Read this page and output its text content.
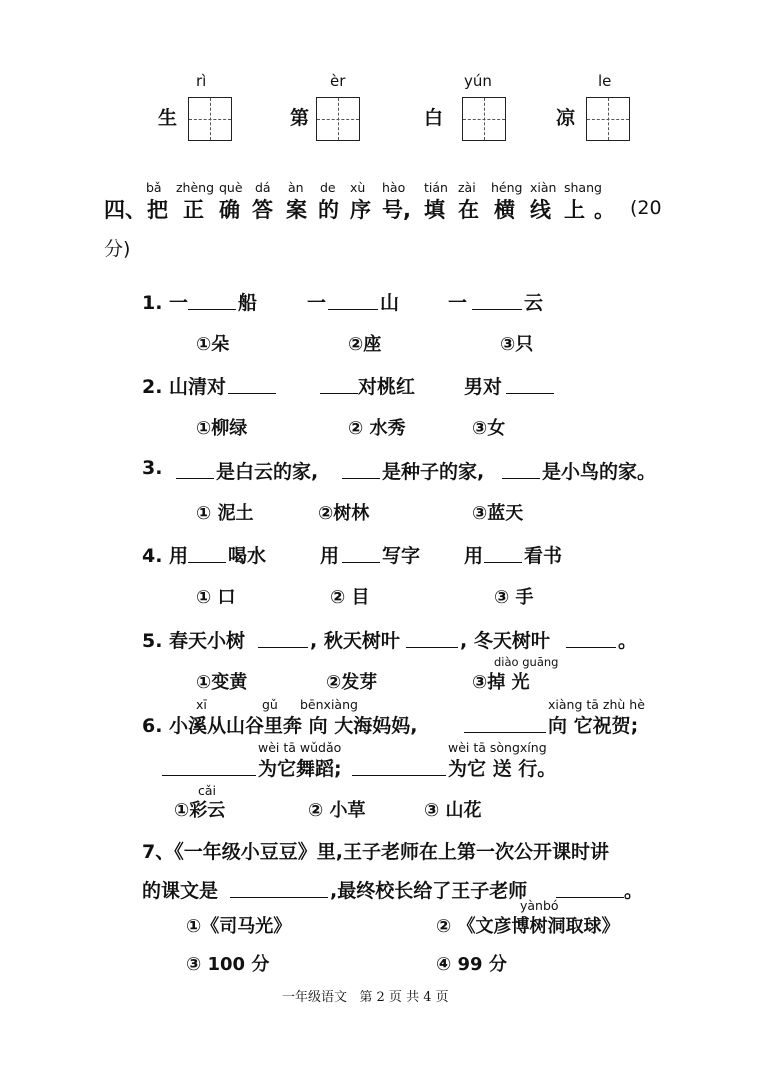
rì
生
èr
第
yún
白
le
凉
bǎ zhèng què dá àn de xù hào tián zài héng xiàn shang
四、 把 正 确 答 案 的 序 号, 填 在 横 线 上 。 (20
分)
1. 一	船	一	山	一	云
①朵	②座	③只
2. 山清对	对桃红	男对
①柳绿	② 水秀	③女
3.	是白云的家,	是种子的家,	是小鸟的家。
① 泥土	②树林	③蓝天
4. 用 喝水	用 写字 用 看书
① 口	② 目	③ 手
5. 春天小树	, 秋天树叶	, 冬天树叶	。
diào guāng
①变黄	②发芽	③掉 光
xī	gǔ bēnxiàng	xiàng tā zhù hè
6. 小溪从山谷里奔 向 大海妈妈,	向 它祝贺;
wèi tā wǔdǎo	wèi tā sòngxíng
为它舞蹈;	为它 送 行。
cǎi
①彩云	② 小草	③ 山花
7、《一年级小豆豆》里,王子老师在上第一次公开课时讲
的课文是	,最终校长给了王子老师	。
yànbó
①《司马光》	② 《文彦博树洞取球》
③ 100 分	④ 99 分
一年级语文   第 2 页 共 4 页
